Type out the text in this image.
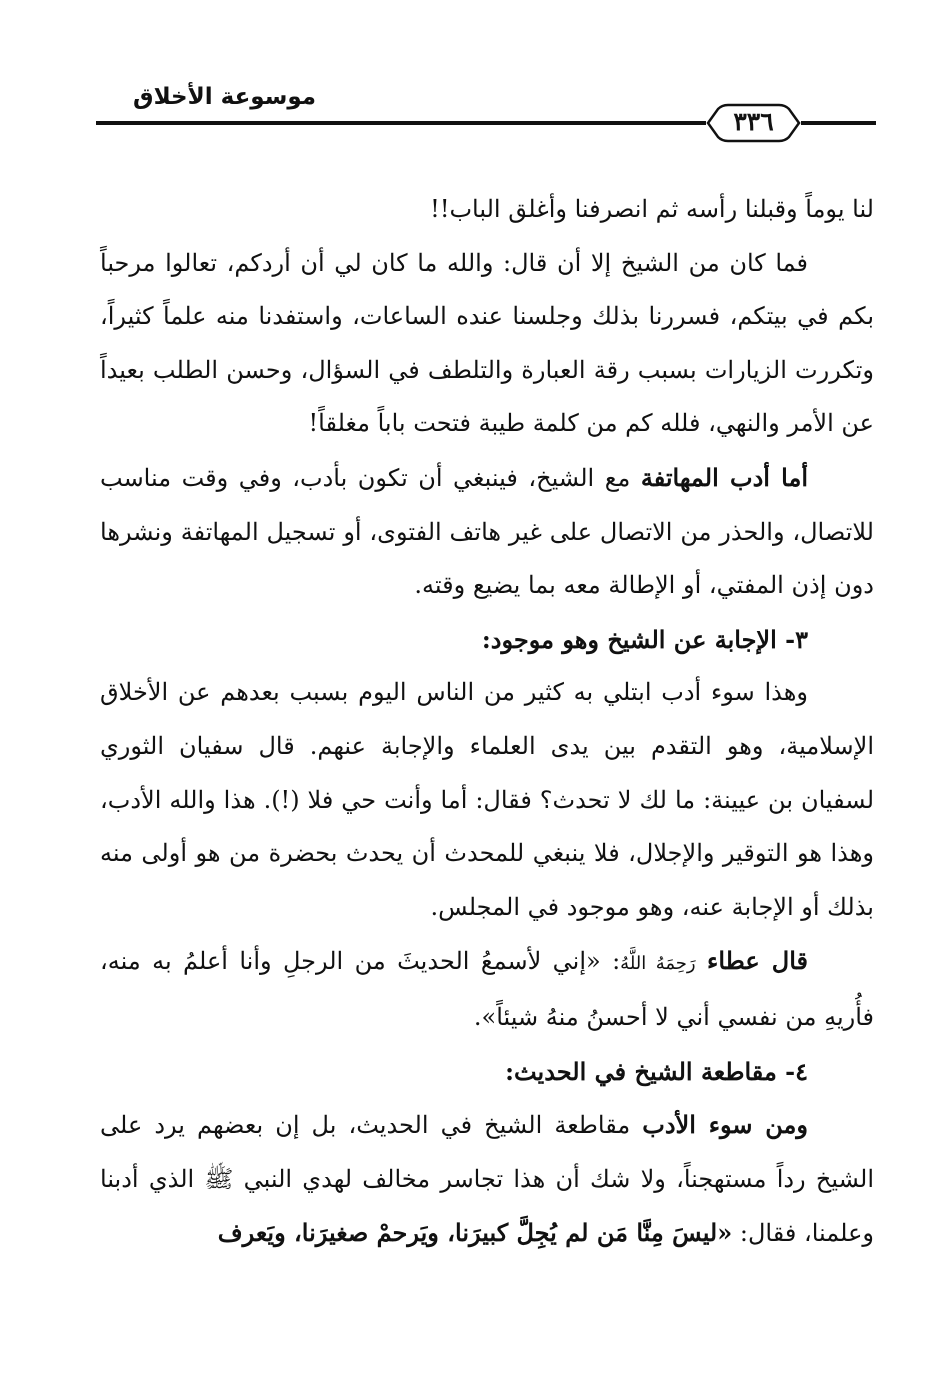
٣٣٦
موسوعة الأخلاق

لنا يوماً وقبلنا رأسه ثم انصرفنا وأغلق الباب!!

فما كان من الشيخ إلا أن قال: والله ما كان لي أن أردكم، تعالوا مرحباً بكم في بيتكم، فسررنا بذلك وجلسنا عنده الساعات، واستفدنا منه علماً كثيراً، وتكررت الزيارات بسبب رقة العبارة والتلطف في السؤال، وحسن الطلب بعيداً عن الأمر والنهي، فلله كم من كلمة طيبة فتحت باباً مغلقاً!

أما أدب المهاتفة مع الشيخ، فينبغي أن تكون بأدب، وفي وقت مناسب للاتصال، والحذر من الاتصال على غير هاتف الفتوى، أو تسجيل المهاتفة ونشرها دون إذن المفتي، أو الإطالة معه بما يضيع وقته.

٣- الإجابة عن الشيخ وهو موجود:

وهذا سوء أدب ابتلي به كثير من الناس اليوم بسبب بعدهم عن الأخلاق الإسلامية، وهو التقدم بين يدى العلماء والإجابة عنهم. قال سفيان الثوري لسفيان بن عيينة: ما لك لا تحدث؟ فقال: أما وأنت حي فلا (!). هذا والله الأدب، وهذا هو التوقير والإجلال، فلا ينبغي للمحدث أن يحدث بحضرة من هو أولى منه بذلك أو الإجابة عنه، وهو موجود في المجلس.

قال عطاء رَحِمَهُ اللَّهُ: «إني لأسمعُ الحديثَ من الرجلِ وأنا أعلمُ به منه، فأُريهِ من نفسي أني لا أحسنُ منهُ شيئاً».

٤- مقاطعة الشيخ في الحديث:

ومن سوء الأدب مقاطعة الشيخ في الحديث، بل إن بعضهم يرد على الشيخ رداً مستهجناً، ولا شك أن هذا تجاسر مخالف لهدي النبي ﷺ الذي أدبنا وعلمنا، فقال: «ليسَ مِنَّا مَن لم يُجِلَّ كبيرَنا، ويَرحمْ صغيرَنا، ويَعرف
